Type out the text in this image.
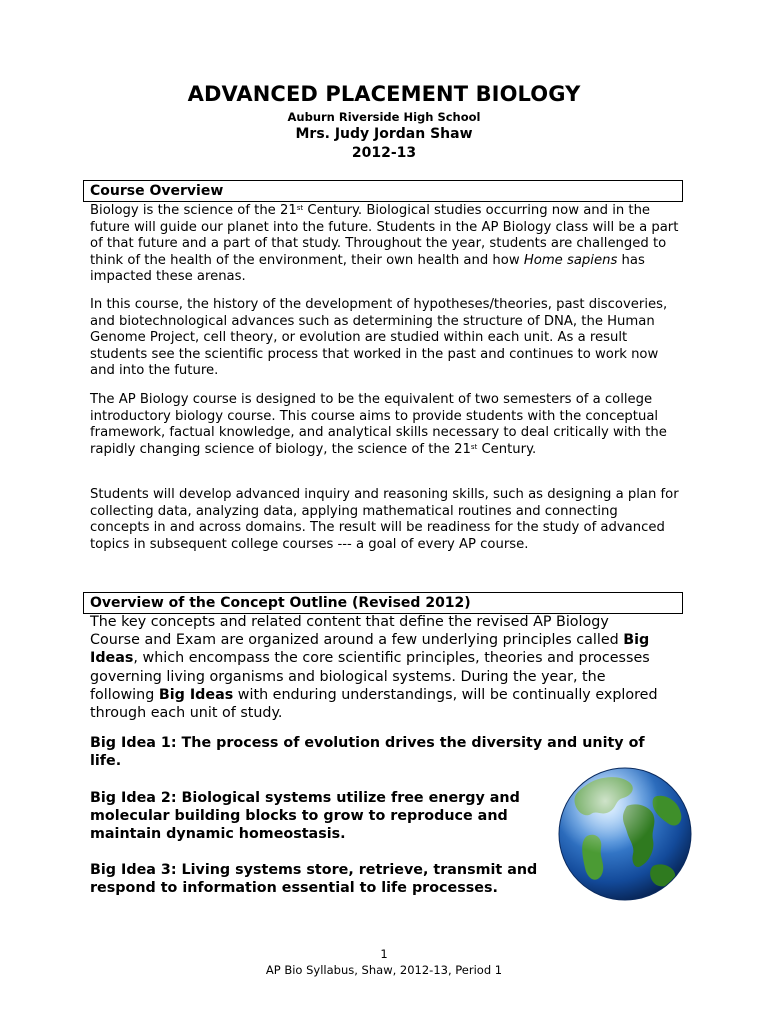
ADVANCED PLACEMENT BIOLOGY
Auburn Riverside High School
Mrs. Judy Jordan Shaw
2012-13
Course Overview

Biology is the science of the 21st Century. Biological studies occurring now and in the future will guide our planet into the future. Students in the AP Biology class will be a part of that future and a part of that study. Throughout the year, students are challenged to think of the health of the environment, their own health and how Home sapiens has impacted these arenas.

In this course, the history of the development of hypotheses/theories, past discoveries, and biotechnological advances such as determining the structure of DNA, the Human Genome Project, cell theory, or evolution are studied within each unit. As a result students see the scientific process that worked in the past and continues to work now and into the future.

The AP Biology course is designed to be the equivalent of two semesters of a college introductory biology course. This course aims to provide students with the conceptual framework, factual knowledge, and analytical skills necessary to deal critically with the rapidly changing science of biology, the science of the 21st Century.

Students will develop advanced inquiry and reasoning skills, such as designing a plan for collecting data, analyzing data, applying mathematical routines and connecting concepts in and across domains. The result will be readiness for the study of advanced topics in subsequent college courses --- a goal of every AP course.

Overview of the Concept Outline (Revised 2012)

The key concepts and related content that define the revised AP Biology Course and Exam are organized around a few underlying principles called Big Ideas, which encompass the core scientific principles, theories and processes governing living organisms and biological systems. During the year, the following Big Ideas with enduring understandings, will be continually explored through each unit of study.

Big Idea 1: The process of evolution drives the diversity and unity of life.
Big Idea 2: Biological systems utilize free energy and molecular building blocks to grow to reproduce and maintain dynamic homeostasis.
Big Idea 3: Living systems store, retrieve, transmit and respond to information essential to life processes.
1
AP Bio Syllabus, Shaw, 2012-13, Period 1
